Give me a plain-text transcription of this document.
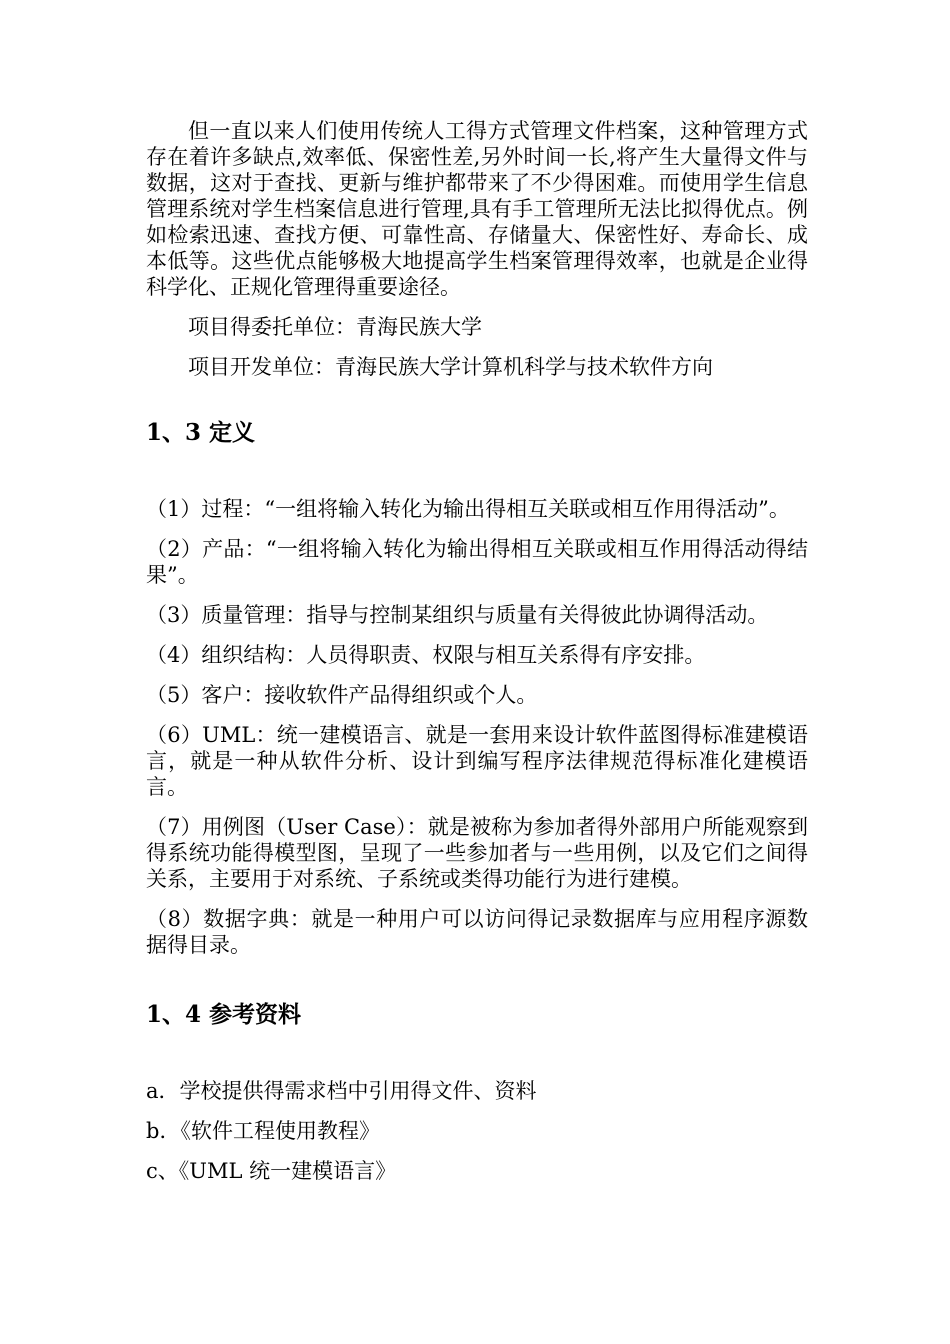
但一直以来人们使用传统人工得方式管理文件档案，这种管理方式存在着许多缺点,效率低、保密性差,另外时间一长,将产生大量得文件与数据，这对于查找、更新与维护都带来了不少得困难。而使用学生信息管理系统对学生档案信息进行管理,具有手工管理所无法比拟得优点。例如检索迅速、查找方便、可靠性高、存储量大、保密性好、寿命长、成本低等。这些优点能够极大地提高学生档案管理得效率，也就是企业得科学化、正规化管理得重要途径。

项目得委托单位：青海民族大学

项目开发单位：青海民族大学计算机科学与技术软件方向

1、3 定义

（1）过程：“一组将输入转化为输出得相互关联或相互作用得活动”。

（2）产品：“一组将输入转化为输出得相互关联或相互作用得活动得结果”。

（3）质量管理：指导与控制某组织与质量有关得彼此协调得活动。

（4）组织结构：人员得职责、权限与相互关系得有序安排。

（5）客户：接收软件产品得组织或个人。

（6）UML：统一建模语言、就是一套用来设计软件蓝图得标准建模语言，就是一种从软件分析、设计到编写程序法律规范得标准化建模语言。

（7）用例图（User Case）：就是被称为参加者得外部用户所能观察到得系统功能得模型图，呈现了一些参加者与一些用例，以及它们之间得关系，主要用于对系统、子系统或类得功能行为进行建模。

（8）数据字典：就是一种用户可以访问得记录数据库与应用程序源数据得目录。

1、4 参考资料

a．学校提供得需求档中引用得文件、资料

b．《软件工程使用教程》

c、《UML 统一建模语言》
